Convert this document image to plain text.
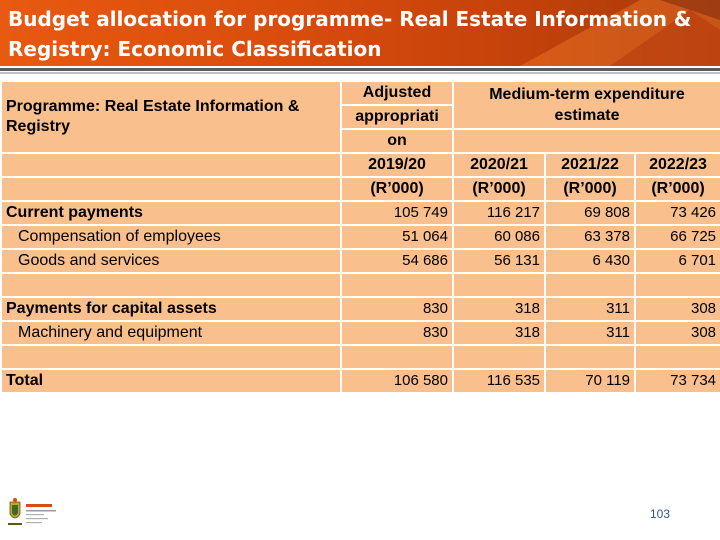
Budget allocation for programme- Real Estate Information & Registry: Economic Classification
Programme: Real Estate Information & Registry	Adjusted	Medium-term expenditure estimate		
	appropriati			
	on			
	2019/20	2020/21	2021/22	2022/23
	(R’000)	(R’000)	(R’000)	(R’000)
Current payments	105 749	116 217	69 808	73 426
Compensation of employees	51 064	60 086	63 378	66 725
Goods and services	54 686	56 131	6 430	6 701

Payments for capital assets	830	318	311	308
Machinery and equipment	830	318	311	308

Total	106 580	116 535	70 119	73 734
103
